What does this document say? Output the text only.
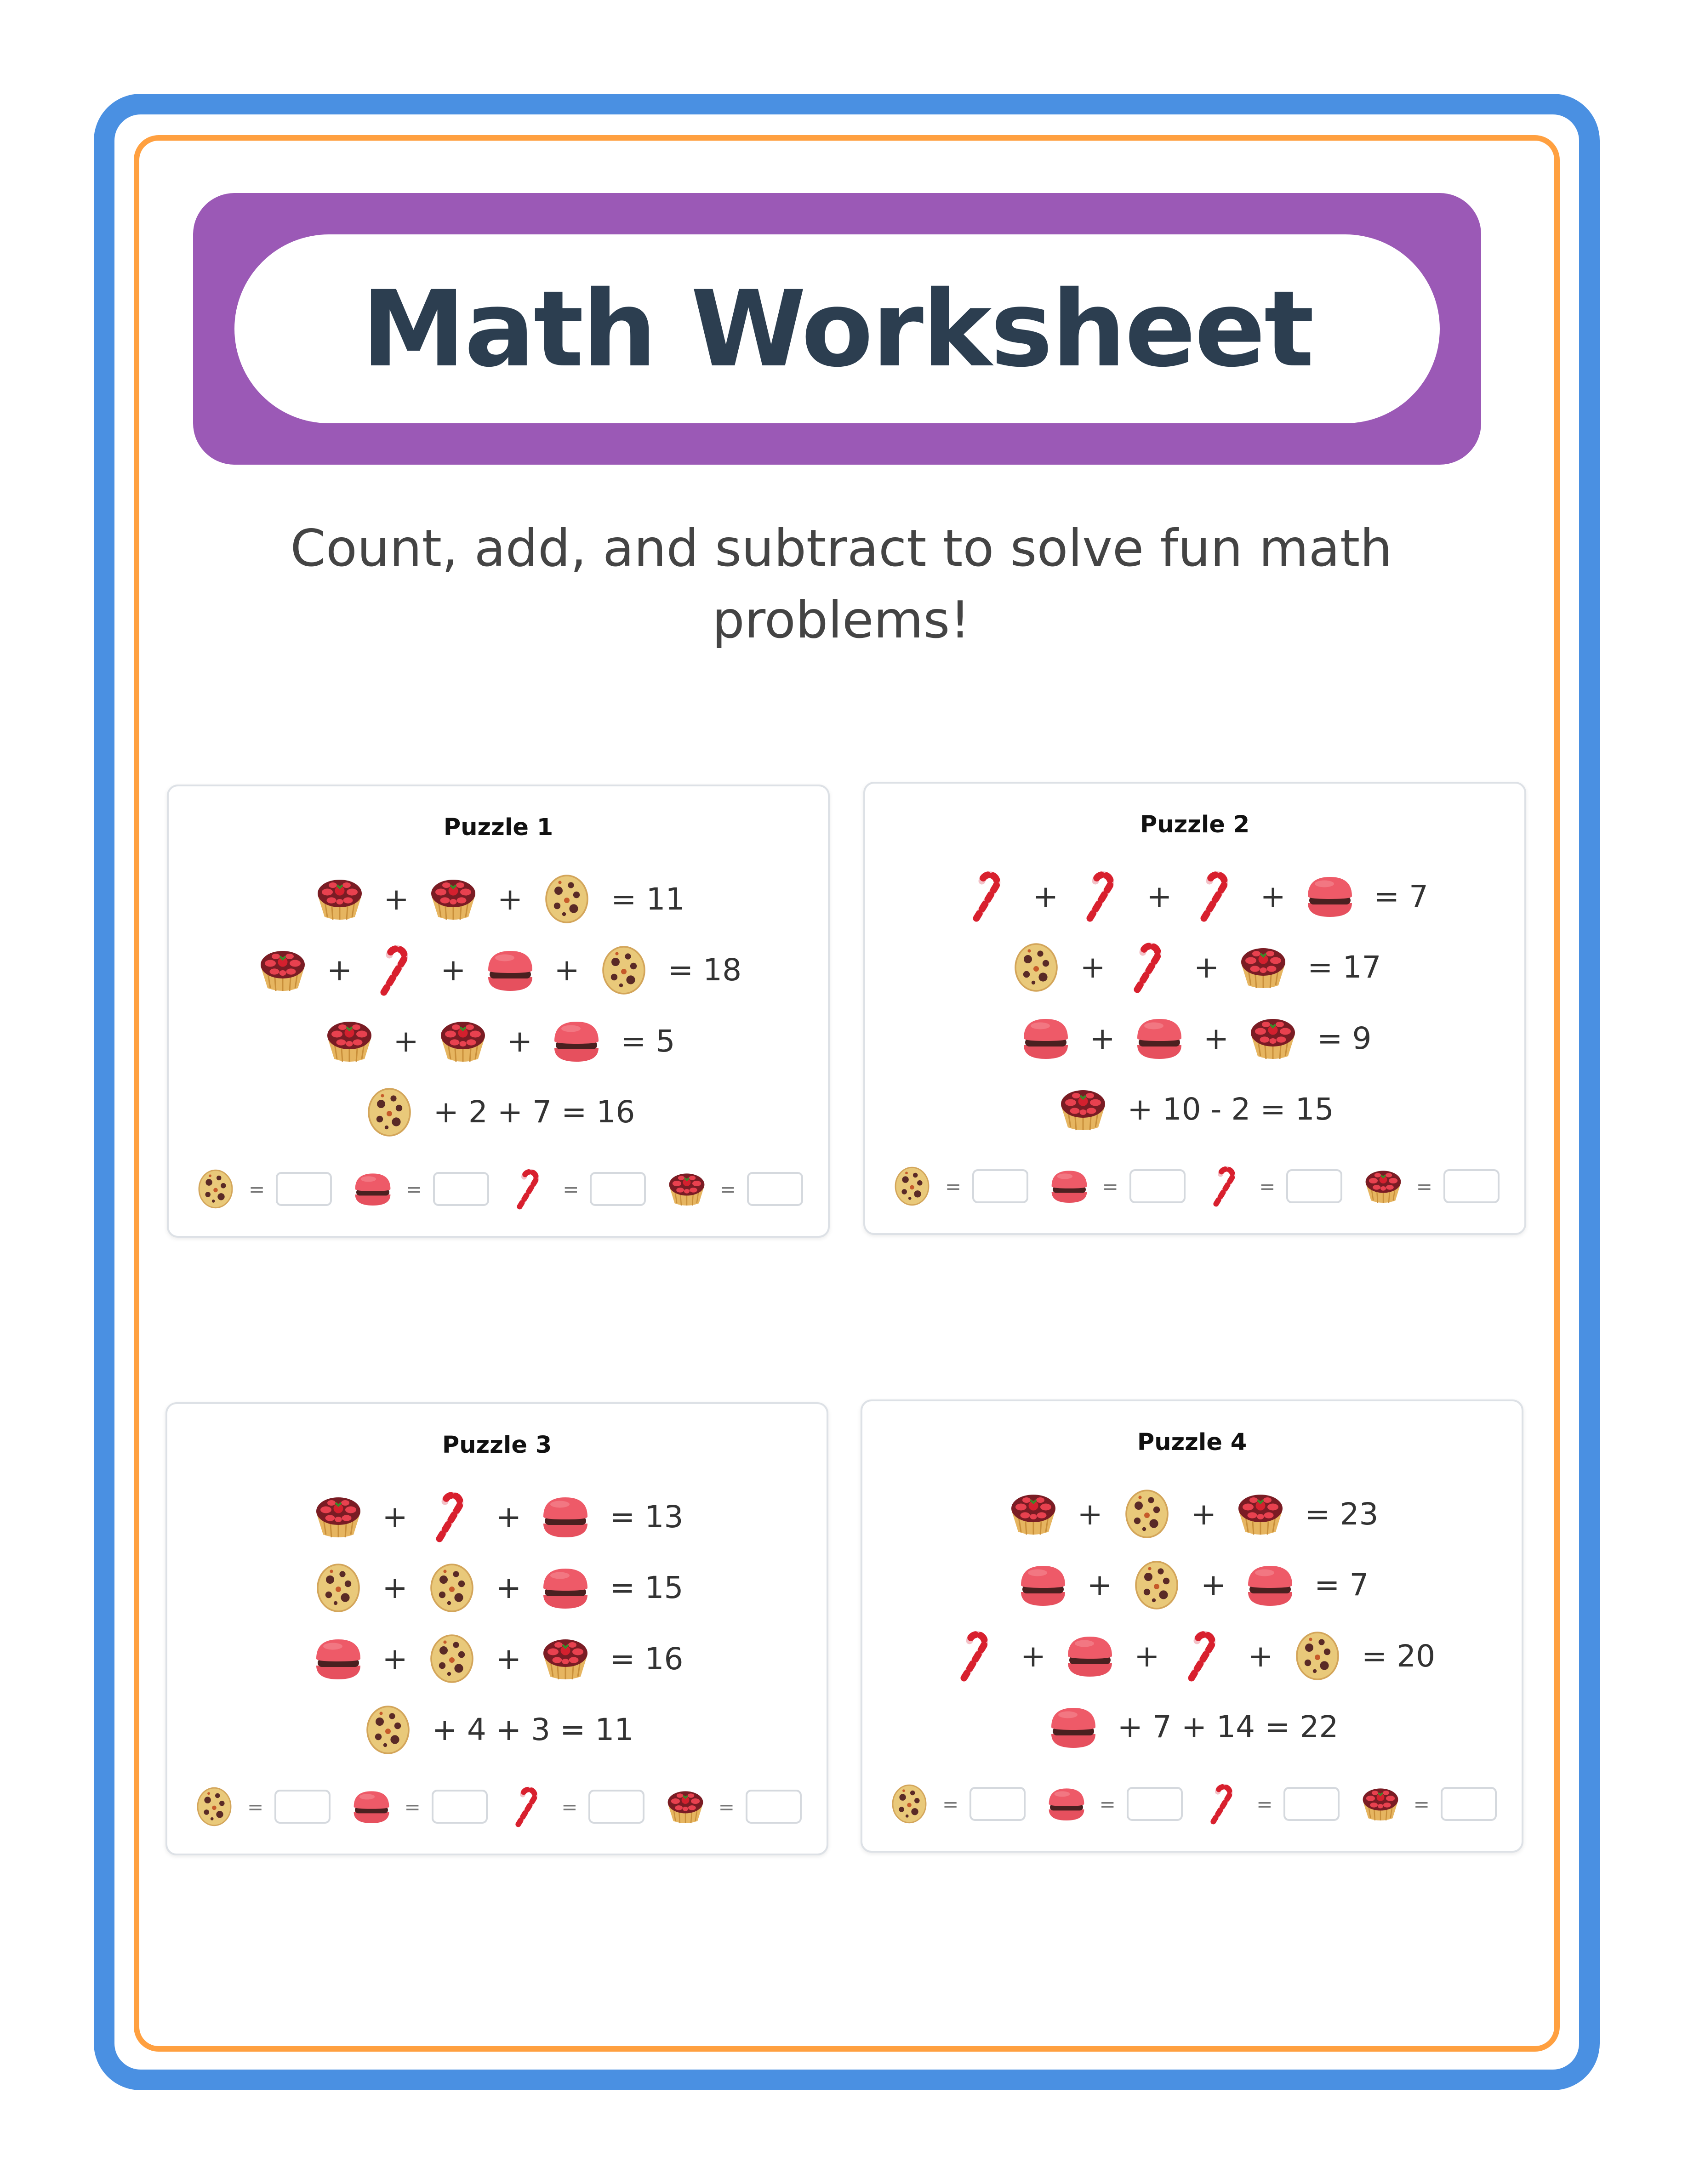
Math Worksheet
Count, add, and subtract to solve fun math problems!
Puzzle 1
+	+	= 11
+	+	+	= 18
+	+	= 5
+ 2 + 7 = 16
=	=	=	=
Puzzle 2
+	+	+	= 7
+	+	= 17
+	+	= 9
+ 10 - 2 = 15
=	=	=	=
Puzzle 3
+	+	= 13
+	+	= 15
+	+	= 16
+ 4 + 3 = 11
=	=	=	=
Puzzle 4
+	+	= 23
+	+	= 7
+	+	+	= 20
+ 7 + 14 = 22
=	=	=	=
